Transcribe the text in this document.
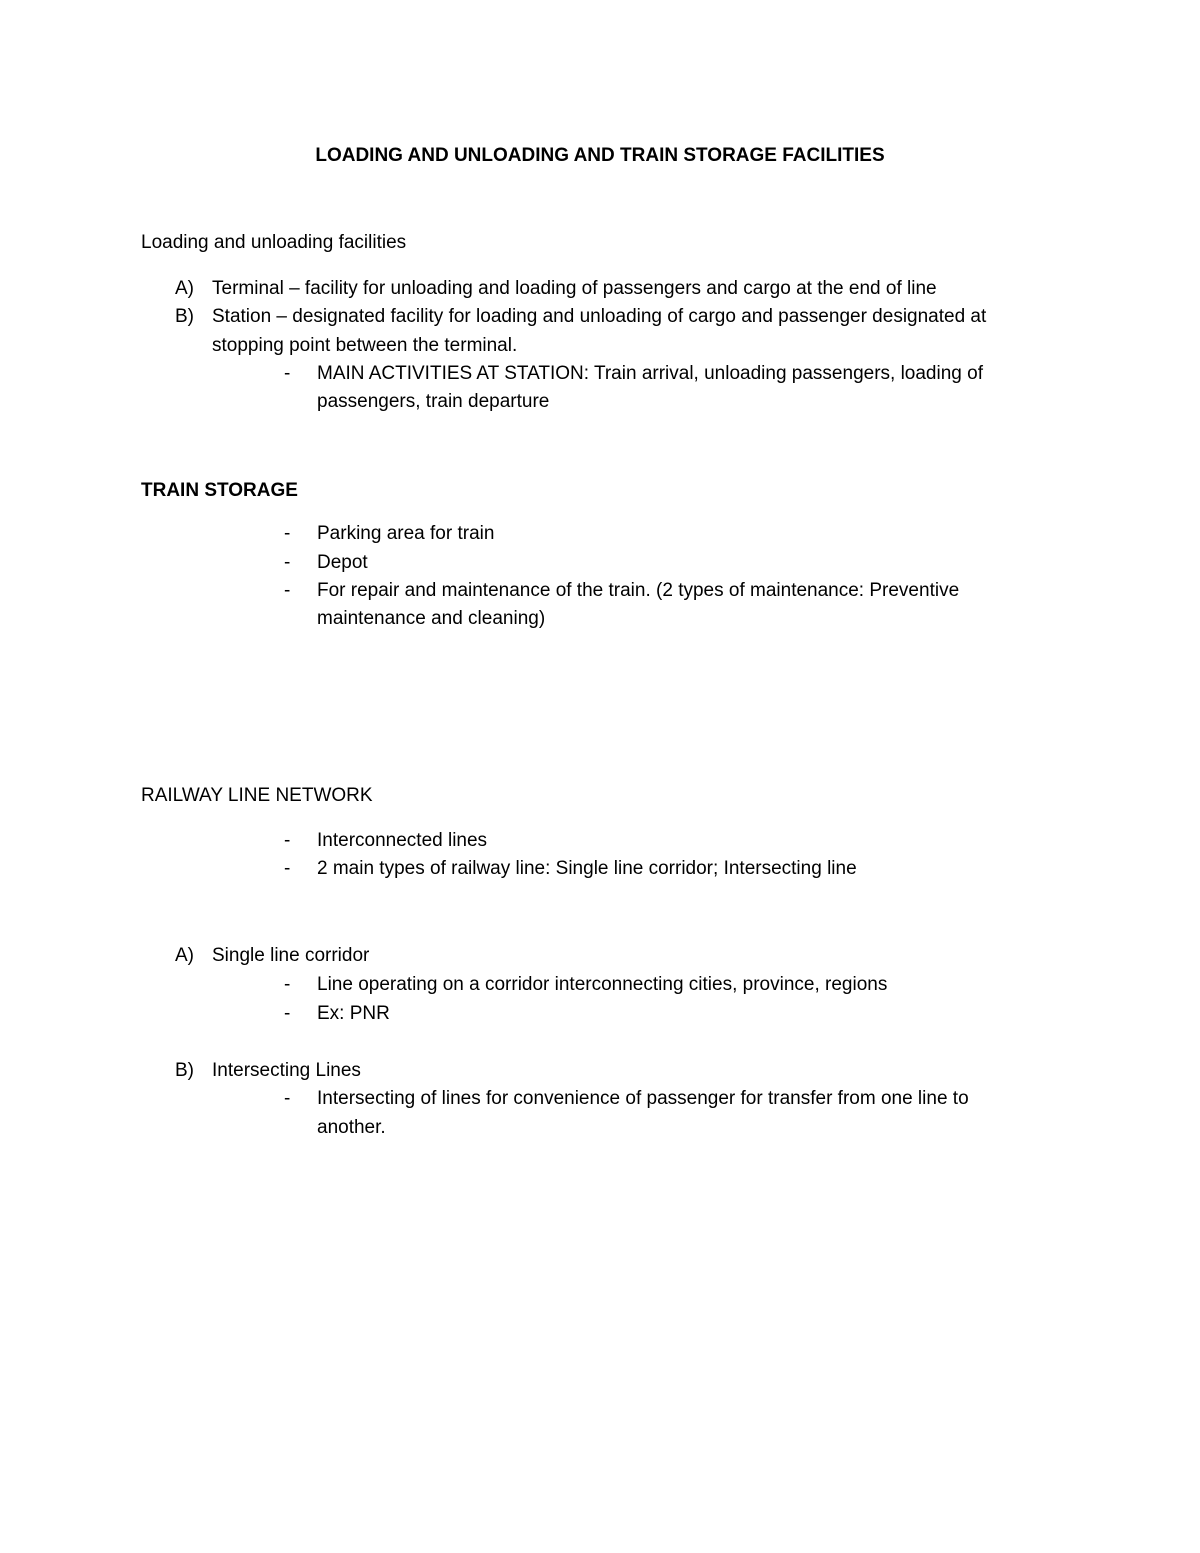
LOADING AND UNLOADING AND TRAIN STORAGE FACILITIES
Loading and unloading facilities
A) Terminal – facility for unloading and loading of passengers and cargo at the end of line
B) Station – designated facility for loading and unloading of cargo and passenger designated at
stopping point between the terminal.
- MAIN ACTIVITIES AT STATION: Train arrival, unloading passengers, loading of
passengers, train departure
TRAIN STORAGE
- Parking area for train
- Depot
- For repair and maintenance of the train. (2 types of maintenance: Preventive
maintenance and cleaning)
RAILWAY LINE NETWORK
- Interconnected lines
- 2 main types of railway line: Single line corridor; Intersecting line
A) Single line corridor
- Line operating on a corridor interconnecting cities, province, regions
- Ex: PNR
B) Intersecting Lines
- Intersecting of lines for convenience of passenger for transfer from one line to
another.
